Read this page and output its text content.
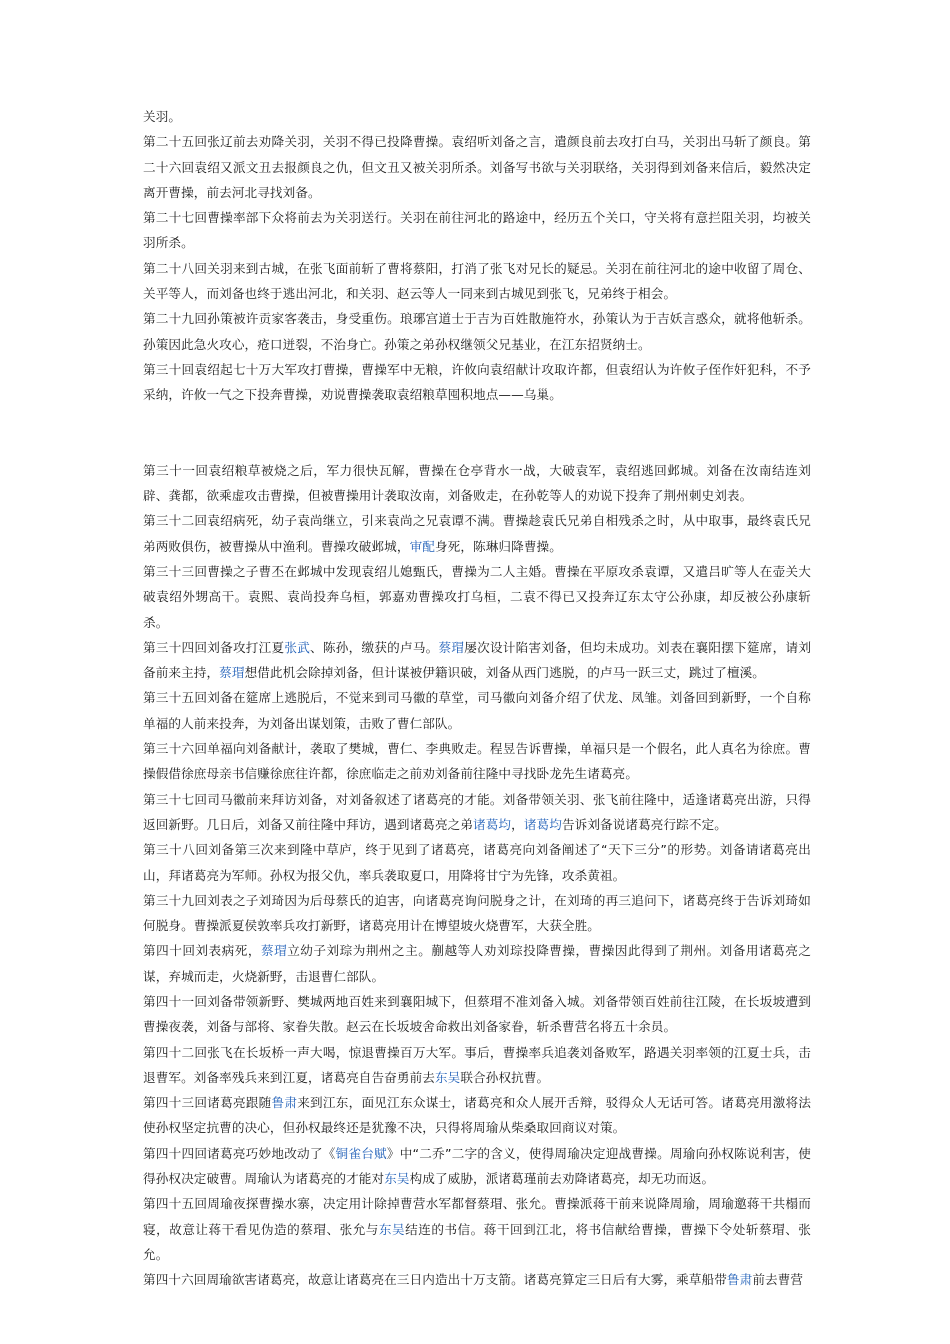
关羽。

第二十五回张辽前去劝降关羽，关羽不得已投降曹操。袁绍听刘备之言，遣颜良前去攻打白马，关羽出马斩了颜良。第二十六回袁绍又派文丑去报颜良之仇，但文丑又被关羽所杀。刘备写书欲与关羽联络，关羽得到刘备来信后，毅然决定离开曹操，前去河北寻找刘备。

第二十七回曹操率部下众将前去为关羽送行。关羽在前往河北的路途中，经历五个关口，守关将有意拦阻关羽，均被关羽所杀。

第二十八回关羽来到古城，在张飞面前斩了曹将蔡阳，打消了张飞对兄长的疑忌。关羽在前往河北的途中收留了周仓、关平等人，而刘备也终于逃出河北，和关羽、赵云等人一同来到古城见到张飞，兄弟终于相会。

第二十九回孙策被许贡家客袭击，身受重伤。琅琊宫道士于吉为百姓散施符水，孙策认为于吉妖言惑众，就将他斩杀。孙策因此急火攻心，疮口迸裂，不治身亡。孙策之弟孙权继领父兄基业，在江东招贤纳士。

第三十回袁绍起七十万大军攻打曹操，曹操军中无粮，许攸向袁绍献计攻取许都，但袁绍认为许攸子侄作奸犯科，不予采纳，许攸一气之下投奔曹操，劝说曹操袭取袁绍粮草囤积地点——乌巢。

第三十一回袁绍粮草被烧之后，军力很快瓦解，曹操在仓亭背水一战，大破袁军，袁绍逃回邺城。刘备在汝南结连刘辟、龚都，欲乘虚攻击曹操，但被曹操用计袭取汝南，刘备败走，在孙乾等人的劝说下投奔了荆州刺史刘表。

第三十二回袁绍病死，幼子袁尚继立，引来袁尚之兄袁谭不满。曹操趁袁氏兄弟自相残杀之时，从中取事，最终袁氏兄弟两败俱伤，被曹操从中渔利。曹操攻破邺城，审配身死，陈琳归降曹操。

第三十三回曹操之子曹丕在邺城中发现袁绍儿媳甄氏，曹操为二人主婚。曹操在平原攻杀袁谭，又遣吕旷等人在壶关大破袁绍外甥高干。袁熙、袁尚投奔乌桓，郭嘉劝曹操攻打乌桓，二袁不得已又投奔辽东太守公孙康，却反被公孙康斩杀。

第三十四回刘备攻打江夏张武、陈孙，缴获的卢马。蔡瑁屡次设计陷害刘备，但均未成功。刘表在襄阳摆下筵席，请刘备前来主持，蔡瑁想借此机会除掉刘备，但计谋被伊籍识破，刘备从西门逃脱，的卢马一跃三丈，跳过了檀溪。

第三十五回刘备在筵席上逃脱后，不觉来到司马徽的草堂，司马徽向刘备介绍了伏龙、凤雏。刘备回到新野，一个自称单福的人前来投奔，为刘备出谋划策，击败了曹仁部队。

第三十六回单福向刘备献计，袭取了樊城，曹仁、李典败走。程昱告诉曹操，单福只是一个假名，此人真名为徐庶。曹操假借徐庶母亲书信赚徐庶往许都，徐庶临走之前劝刘备前往隆中寻找卧龙先生诸葛亮。

第三十七回司马徽前来拜访刘备，对刘备叙述了诸葛亮的才能。刘备带领关羽、张飞前往隆中，适逢诸葛亮出游，只得返回新野。几日后，刘备又前往隆中拜访，遇到诸葛亮之弟诸葛均，诸葛均告诉刘备说诸葛亮行踪不定。

第三十八回刘备第三次来到隆中草庐，终于见到了诸葛亮，诸葛亮向刘备阐述了“天下三分”的形势。刘备请诸葛亮出山，拜诸葛亮为军师。孙权为报父仇，率兵袭取夏口，用降将甘宁为先锋，攻杀黄祖。

第三十九回刘表之子刘琦因为后母蔡氏的迫害，向诸葛亮询问脱身之计，在刘琦的再三追问下，诸葛亮终于告诉刘琦如何脱身。曹操派夏侯敦率兵攻打新野，诸葛亮用计在博望坡火烧曹军，大获全胜。

第四十回刘表病死，蔡瑁立幼子刘琮为荆州之主。蒯越等人劝刘琮投降曹操，曹操因此得到了荆州。刘备用诸葛亮之谋，弃城而走，火烧新野，击退曹仁部队。

第四十一回刘备带领新野、樊城两地百姓来到襄阳城下，但蔡瑁不准刘备入城。刘备带领百姓前往江陵，在长坂坡遭到曹操夜袭，刘备与部将、家眷失散。赵云在长坂坡舍命救出刘备家眷，斩杀曹营名将五十余员。

第四十二回张飞在长坂桥一声大喝，惊退曹操百万大军。事后，曹操率兵追袭刘备败军，路遇关羽率领的江夏士兵，击退曹军。刘备率残兵来到江夏，诸葛亮自告奋勇前去东吴联合孙权抗曹。

第四十三回诸葛亮跟随鲁肃来到江东，面见江东众谋士，诸葛亮和众人展开舌辩，驳得众人无话可答。诸葛亮用激将法使孙权坚定抗曹的决心，但孙权最终还是犹豫不决，只得将周瑜从柴桑取回商议对策。

第四十四回诸葛亮巧妙地改动了《铜雀台赋》中“二乔”二字的含义，使得周瑜决定迎战曹操。周瑜向孙权陈说利害，使得孙权决定破曹。周瑜认为诸葛亮的才能对东吴构成了威胁，派诸葛瑾前去劝降诸葛亮，却无功而返。

第四十五回周瑜夜探曹操水寨，决定用计除掉曹营水军都督蔡瑁、张允。曹操派蒋干前来说降周瑜，周瑜邀蒋干共榻而寝，故意让蒋干看见伪造的蔡瑁、张允与东吴结连的书信。蒋干回到江北，将书信献给曹操，曹操下令处斩蔡瑁、张允。

第四十六回周瑜欲害诸葛亮，故意让诸葛亮在三日内造出十万支箭。诸葛亮算定三日后有大雾，乘草船带鲁肃前去曹营
